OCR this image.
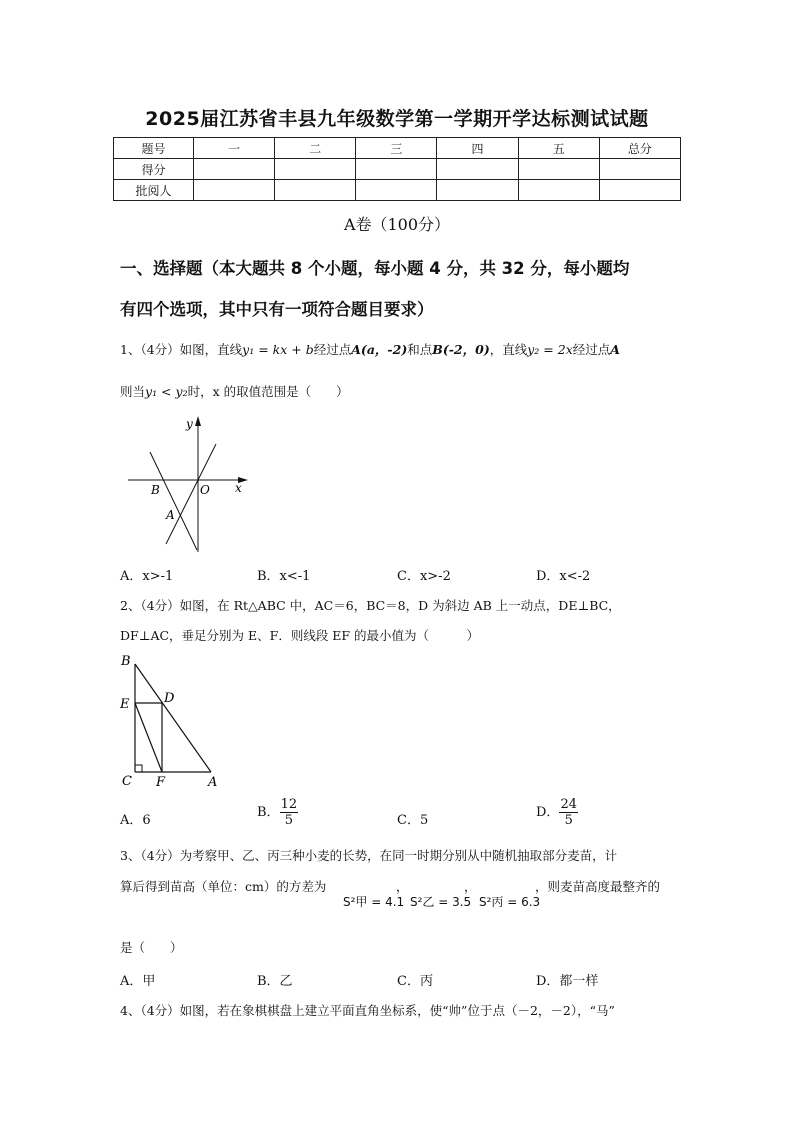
2025届江苏省丰县九年级数学第一学期开学达标测试试题
题号	一	二	三	四	五	总分
得分						
批阅人						
A卷（100分）
一、选择题（本大题共 8 个小题，每小题 4 分，共 32 分，每小题均
有四个选项，其中只有一项符合题目要求）
1、（4分）如图，直线y₁ = kx + b经过点A(a，-2)和点B(-2，0)，直线y₂ = 2x经过点A
则当y₁ < y₂时，x 的取值范围是（　　）
y
x
O
B
A
A．x>-1	B．x<-1	C．x>-2	D．x<-2
2、（4分）如图，在 Rt△ABC 中，AC＝6，BC＝8，D 为斜边 AB 上一动点，DE⊥BC，
DF⊥AC，垂足分别为 E、F．则线段 EF 的最小值为（　　　）
B
E	D
C F	A
A．6
B． $\frac{12}{5}$	C．5
D． $\frac{24}{5}$
3、（4分）为考察甲、乙、丙三种小麦的长势，在同一时期分别从中随机抽取部分麦苗，计
算后得到苗高（单位：cm）的方差为	，	，	，则麦苗高度最整齐的
S²甲 = 4.1 S²乙 = 3.5 S²丙 = 6.3
是（　　）
A．甲	B．乙	C．丙	D．都一样
4、（4分）如图，若在象棋棋盘上建立平面直角坐标系，使“帅”位于点（－2，－2），“马”
